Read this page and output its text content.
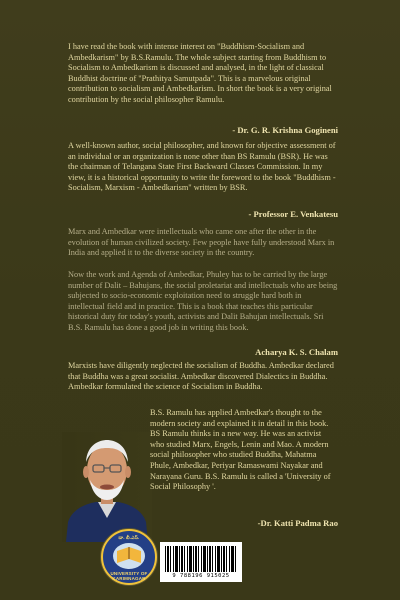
I have read the book with intense interest on "Buddhism-Socialism and Ambedkarism" by B.S.Ramulu. The whole subject starting from Buddhism to Socialism to Ambedkarism is discussed and analysed, in the light of classical Buddhist doctrine of "Prathitya Samutpada". This is a marvelous original contribution to socialism and Ambedkarism. In short the book is a very original contribution by the social philosopher Ramulu.
- Dr. G. R. Krishna Gogineni
A well-known author, social philosopher, and known for objective assessment of an individual or an organization is none other than BS Ramulu (BSR). He was the chairman of Telangana State First Backward Classes Commission. In my view, it is a historical opportunity to write the foreword to the book "Buddhism - Socialism, Marxism - Ambedkarism" written by BSR.
- Professor E. Venkatesu
Marx and Ambedkar were intellectuals who came one after the other in the evolution of human civilized society. Few people have fully understood Marx in India and applied it to the diverse society in the country.
Now the work and Agenda of Ambedkar, Phuley has to be carried by the large number of Dalit – Bahujans, the social proletariat and intellectuals who are being subjected to socio-economic exploitation need to struggle hard both in intellectual field and in practice. This is a book that teaches this particular historical duty for today's youth, activists and Dalit Bahujan intellectuals. Sri B.S. Ramulu has done a good job in writing this book.
Acharya K. S. Chalam
Marxists have diligently neglected the socialism of Buddha. Ambedkar declared that Buddha was a great socialist. Ambedkar discovered Dialectics in Buddha. Ambedkar formulated the science of Socialism in Buddha.
B.S. Ramulu has applied Ambedkar's thought to the modern society and explained it in detail in this book. BS Ramulu thinks in a new way. He was an activist who studied Marx, Engels, Lenin and Mao. A modern social philosopher who studied Buddha, Mahatma Phule, Ambedkar, Periyar Ramaswami Nayakar and Narayana Guru. B.S. Ramulu is called a 'University of Social Philosophy '.
-Dr. Katti Padma Rao
డా. బీ.ఎస్.
UNIVERSITY OF KARIMNAGAR	9 788196 915025
